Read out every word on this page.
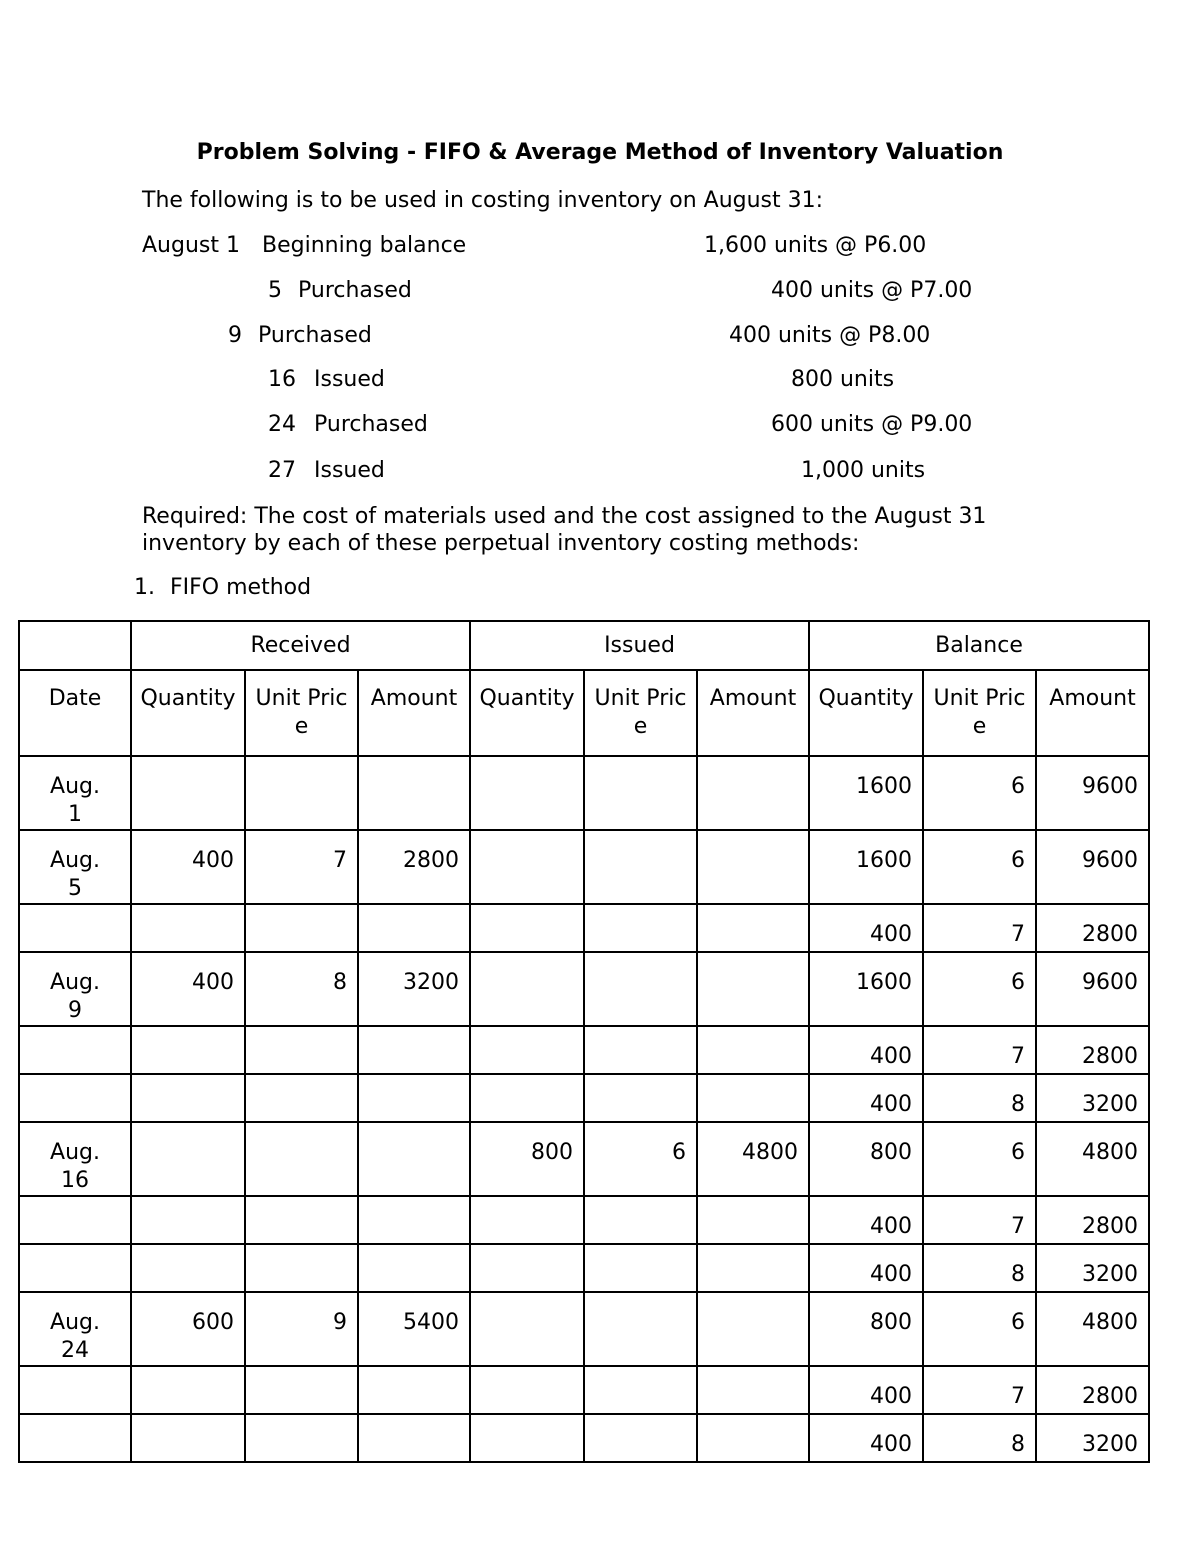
Problem Solving - FIFO & Average Method of Inventory Valuation
The following is to be used in costing inventory on August 31:
August 1 Beginning balance	1,600 units @ P6.00
5 Purchased	400 units @ P7.00
9 Purchased	400 units @ P8.00
16 Issued	800 units
24 Purchased	600 units @ P9.00
27 Issued	1,000 units
Required: The cost of materials used and the cost assigned to the August 31 inventory by each of these perpetual inventory costing methods:
1. FIFO method
	Received			Issued			Balance		
Date	Quantity	Unit Price	Amount	Quantity	Unit Price	Amount	Quantity	Unit Price	Amount
Aug. 1							1600	6	9600
Aug. 5	400	7	2800				1600	6	9600
							400	7	2800
Aug. 9	400	8	3200				1600	6	9600
							400	7	2800
							400	8	3200
Aug. 16				800	6	4800	800	6	4800
							400	7	2800
							400	8	3200
Aug. 24	600	9	5400				800	6	4800
							400	7	2800
							400	8	3200
